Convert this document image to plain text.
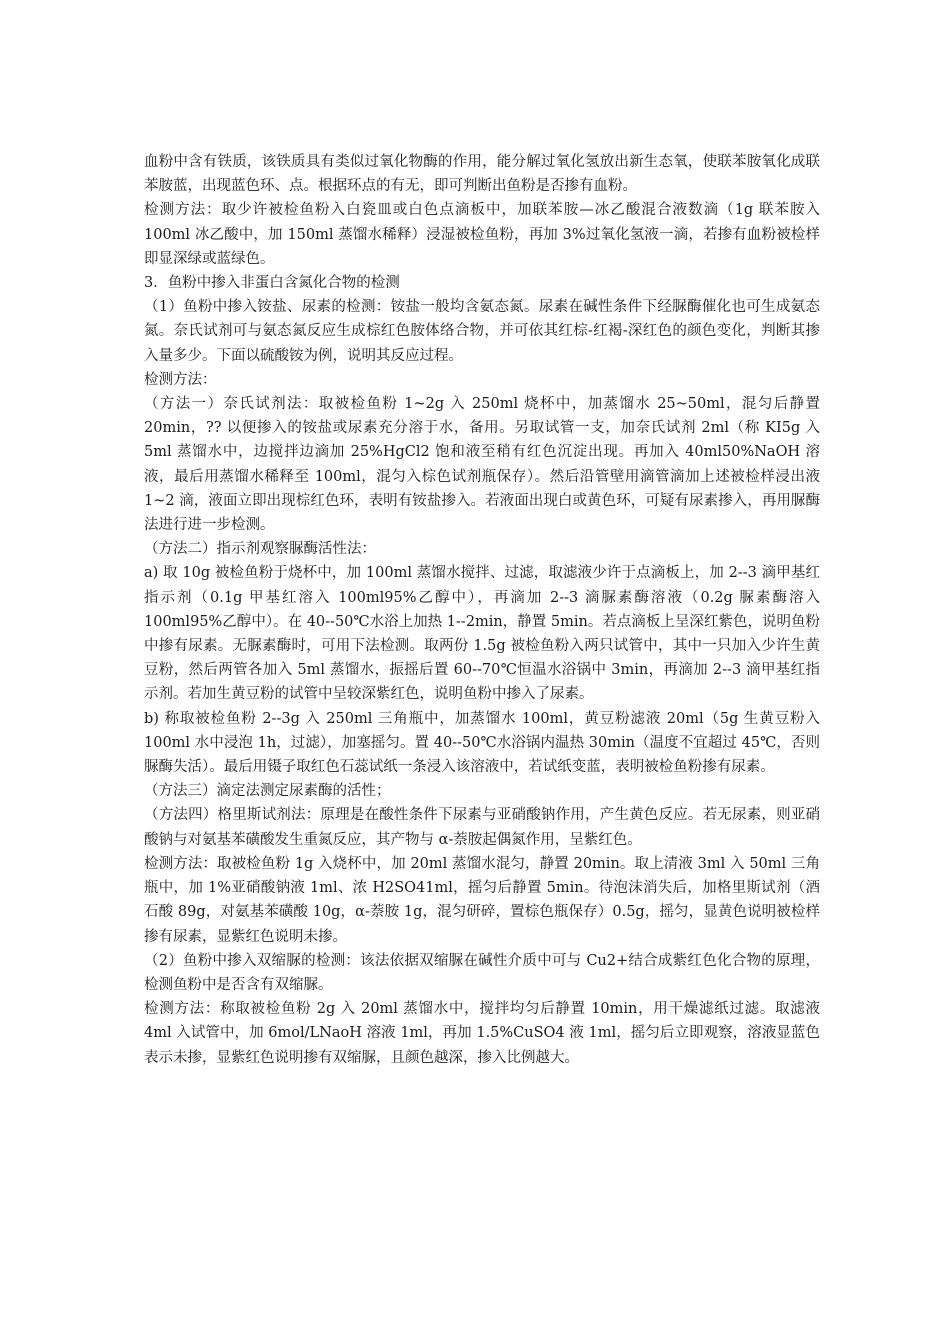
血粉中含有铁质，该铁质具有类似过氧化物酶的作用，能分解过氧化氢放出新生态氧，使联苯胺氧化成联苯胺蓝，出现蓝色环、点。根据环点的有无，即可判断出鱼粉是否掺有血粉。

检测方法：取少许被检鱼粉入白瓷皿或白色点滴板中，加联苯胺—冰乙酸混合液数滴（1g 联苯胺入 100ml 冰乙酸中，加 150ml 蒸馏水稀释）浸湿被检鱼粉，再加 3%过氧化氢液一滴，若掺有血粉被检样即显深绿或蓝绿色。

3．鱼粉中掺入非蛋白含氮化合物的检测

（1）鱼粉中掺入铵盐、尿素的检测：铵盐一般均含氨态氮。尿素在碱性条件下经脲酶催化也可生成氨态氮。奈氏试剂可与氨态氮反应生成棕红色胺体络合物，并可依其红棕-红褐-深红色的颜色变化，判断其掺入量多少。下面以硫酸铵为例，说明其反应过程。

检测方法：

（方法一）奈氏试剂法：取被检鱼粉 1~2g 入 250ml 烧杯中，加蒸馏水 25~50ml，混匀后静置 20min，?? 以便掺入的铵盐或尿素充分溶于水，备用。另取试管一支，加奈氏试剂 2ml（称 KI5g 入 5ml 蒸馏水中，边搅拌边滴加 25%HgCl2 饱和液至稍有红色沉淀出现。再加入 40ml50%NaOH 溶液，最后用蒸馏水稀释至 100ml，混匀入棕色试剂瓶保存）。然后沿管壁用滴管滴加上述被检样浸出液 1~2 滴，液面立即出现棕红色环，表明有铵盐掺入。若液面出现白或黄色环，可疑有尿素掺入，再用脲酶法进行进一步检测。

（方法二）指示剂观察脲酶活性法：

a) 取 10g 被检鱼粉于烧杯中，加 100ml 蒸馏水搅拌、过滤，取滤液少许于点滴板上，加 2--3 滴甲基红指示剂（0.1g 甲基红溶入 100ml95%乙醇中），再滴加 2--3 滴脲素酶溶液（0.2g 脲素酶溶入 100ml95%乙醇中）。在 40--50℃水浴上加热 1--2min，静置 5min。若点滴板上呈深红紫色，说明鱼粉中掺有尿素。无脲素酶时，可用下法检测。取两份 1.5g 被检鱼粉入两只试管中，其中一只加入少许生黄豆粉，然后两管各加入 5ml 蒸馏水，振摇后置 60--70℃恒温水浴锅中 3min，再滴加 2--3 滴甲基红指示剂。若加生黄豆粉的试管中呈较深紫红色，说明鱼粉中掺入了尿素。

b) 称取被检鱼粉 2--3g 入 250ml 三角瓶中，加蒸馏水 100ml，黄豆粉滤液 20ml（5g 生黄豆粉入 100ml 水中浸泡 1h，过滤），加塞摇匀。置 40--50℃水浴锅内温热 30min（温度不宜超过 45℃，否则脲酶失活）。最后用镊子取红色石蕊试纸一条浸入该溶液中，若试纸变蓝，表明被检鱼粉掺有尿素。

（方法三）滴定法测定尿素酶的活性；

（方法四）格里斯试剂法：原理是在酸性条件下尿素与亚硝酸钠作用，产生黄色反应。若无尿素，则亚硝酸钠与对氨基苯磺酸发生重氮反应，其产物与 α-萘胺起偶氮作用，呈紫红色。

检测方法：取被检鱼粉 1g 入烧杯中，加 20ml 蒸馏水混匀，静置 20min。取上清液 3ml 入 50ml 三角瓶中，加 1%亚硝酸钠液 1ml、浓 H2SO41ml，摇匀后静置 5min。待泡沫消失后，加格里斯试剂（酒石酸 89g，对氨基苯磺酸 10g，α-萘胺 1g，混匀研碎，置棕色瓶保存）0.5g，摇匀，显黄色说明被检样掺有尿素，显紫红色说明未掺。

（2）鱼粉中掺入双缩脲的检测：该法依据双缩脲在碱性介质中可与 Cu2+结合成紫红色化合物的原理，检测鱼粉中是否含有双缩脲。

检测方法：称取被检鱼粉 2g 入 20ml 蒸馏水中，搅拌均匀后静置 10min，用干燥滤纸过滤。取滤液 4ml 入试管中，加 6mol/LNaoH 溶液 1ml，再加 1.5%CuSO4 液 1ml，摇匀后立即观察，溶液显蓝色表示未掺，显紫红色说明掺有双缩脲，且颜色越深，掺入比例越大。
